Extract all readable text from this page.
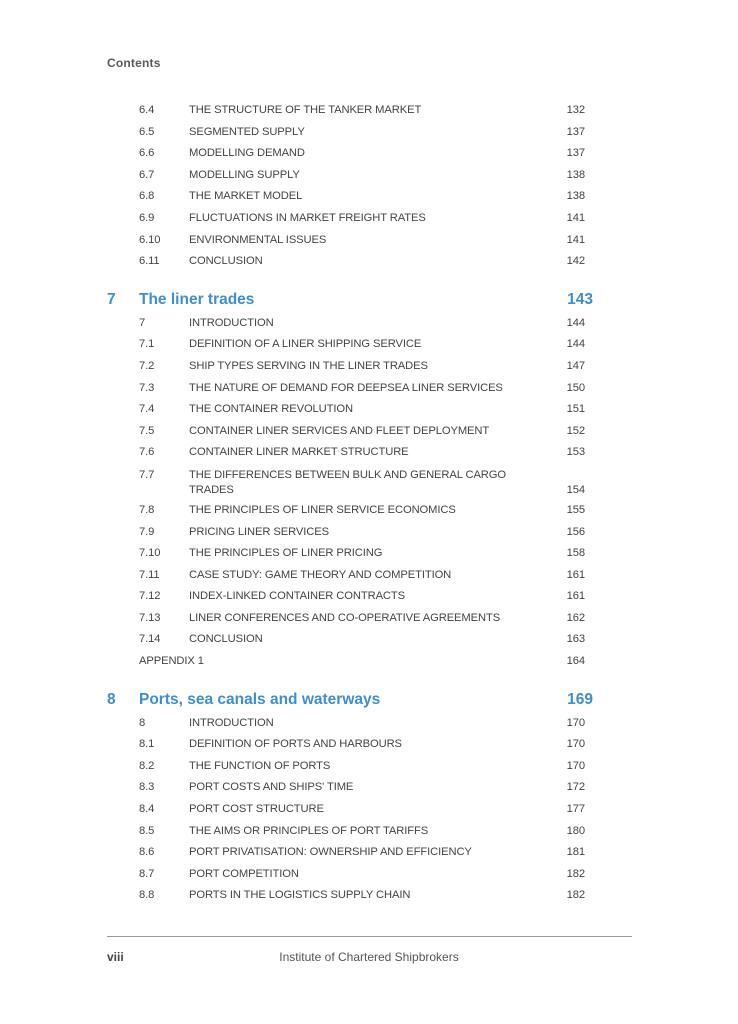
Contents
6.4	THE STRUCTURE OF THE TANKER MARKET	132
6.5	SEGMENTED SUPPLY	137
6.6	MODELLING DEMAND	137
6.7	MODELLING SUPPLY	138
6.8	THE MARKET MODEL	138
6.9	FLUCTUATIONS IN MARKET FREIGHT RATES	141
6.10	ENVIRONMENTAL ISSUES	141
6.11	CONCLUSION	142
7 The liner trades	143
7	INTRODUCTION	144
7.1	DEFINITION OF A LINER SHIPPING SERVICE	144
7.2	SHIP TYPES SERVING IN THE LINER TRADES	147
7.3	THE NATURE OF DEMAND FOR DEEPSEA LINER SERVICES	150
7.4	THE CONTAINER REVOLUTION	151
7.5	CONTAINER LINER SERVICES AND FLEET DEPLOYMENT	152
7.6	CONTAINER LINER MARKET STRUCTURE	153
7.7	THE DIFFERENCES BETWEEN BULK AND GENERAL CARGO TRADES	154
7.8	THE PRINCIPLES OF LINER SERVICE ECONOMICS	155
7.9	PRICING LINER SERVICES	156
7.10	THE PRINCIPLES OF LINER PRICING	158
7.11	CASE STUDY: GAME THEORY AND COMPETITION	161
7.12	INDEX-LINKED CONTAINER CONTRACTS	161
7.13	LINER CONFERENCES AND CO-OPERATIVE AGREEMENTS	162
7.14	CONCLUSION	163
APPENDIX 1	164
8 Ports, sea canals and waterways	169
8	INTRODUCTION	170
8.1	DEFINITION OF PORTS AND HARBOURS	170
8.2	THE FUNCTION OF PORTS	170
8.3	PORT COSTS AND SHIPS' TIME	172
8.4	PORT COST STRUCTURE	177
8.5	THE AIMS OR PRINCIPLES OF PORT TARIFFS	180
8.6	PORT PRIVATISATION: OWNERSHIP AND EFFICIENCY	181
8.7	PORT COMPETITION	182
8.8	PORTS IN THE LOGISTICS SUPPLY CHAIN	182
viii	Institute of Chartered Shipbrokers
